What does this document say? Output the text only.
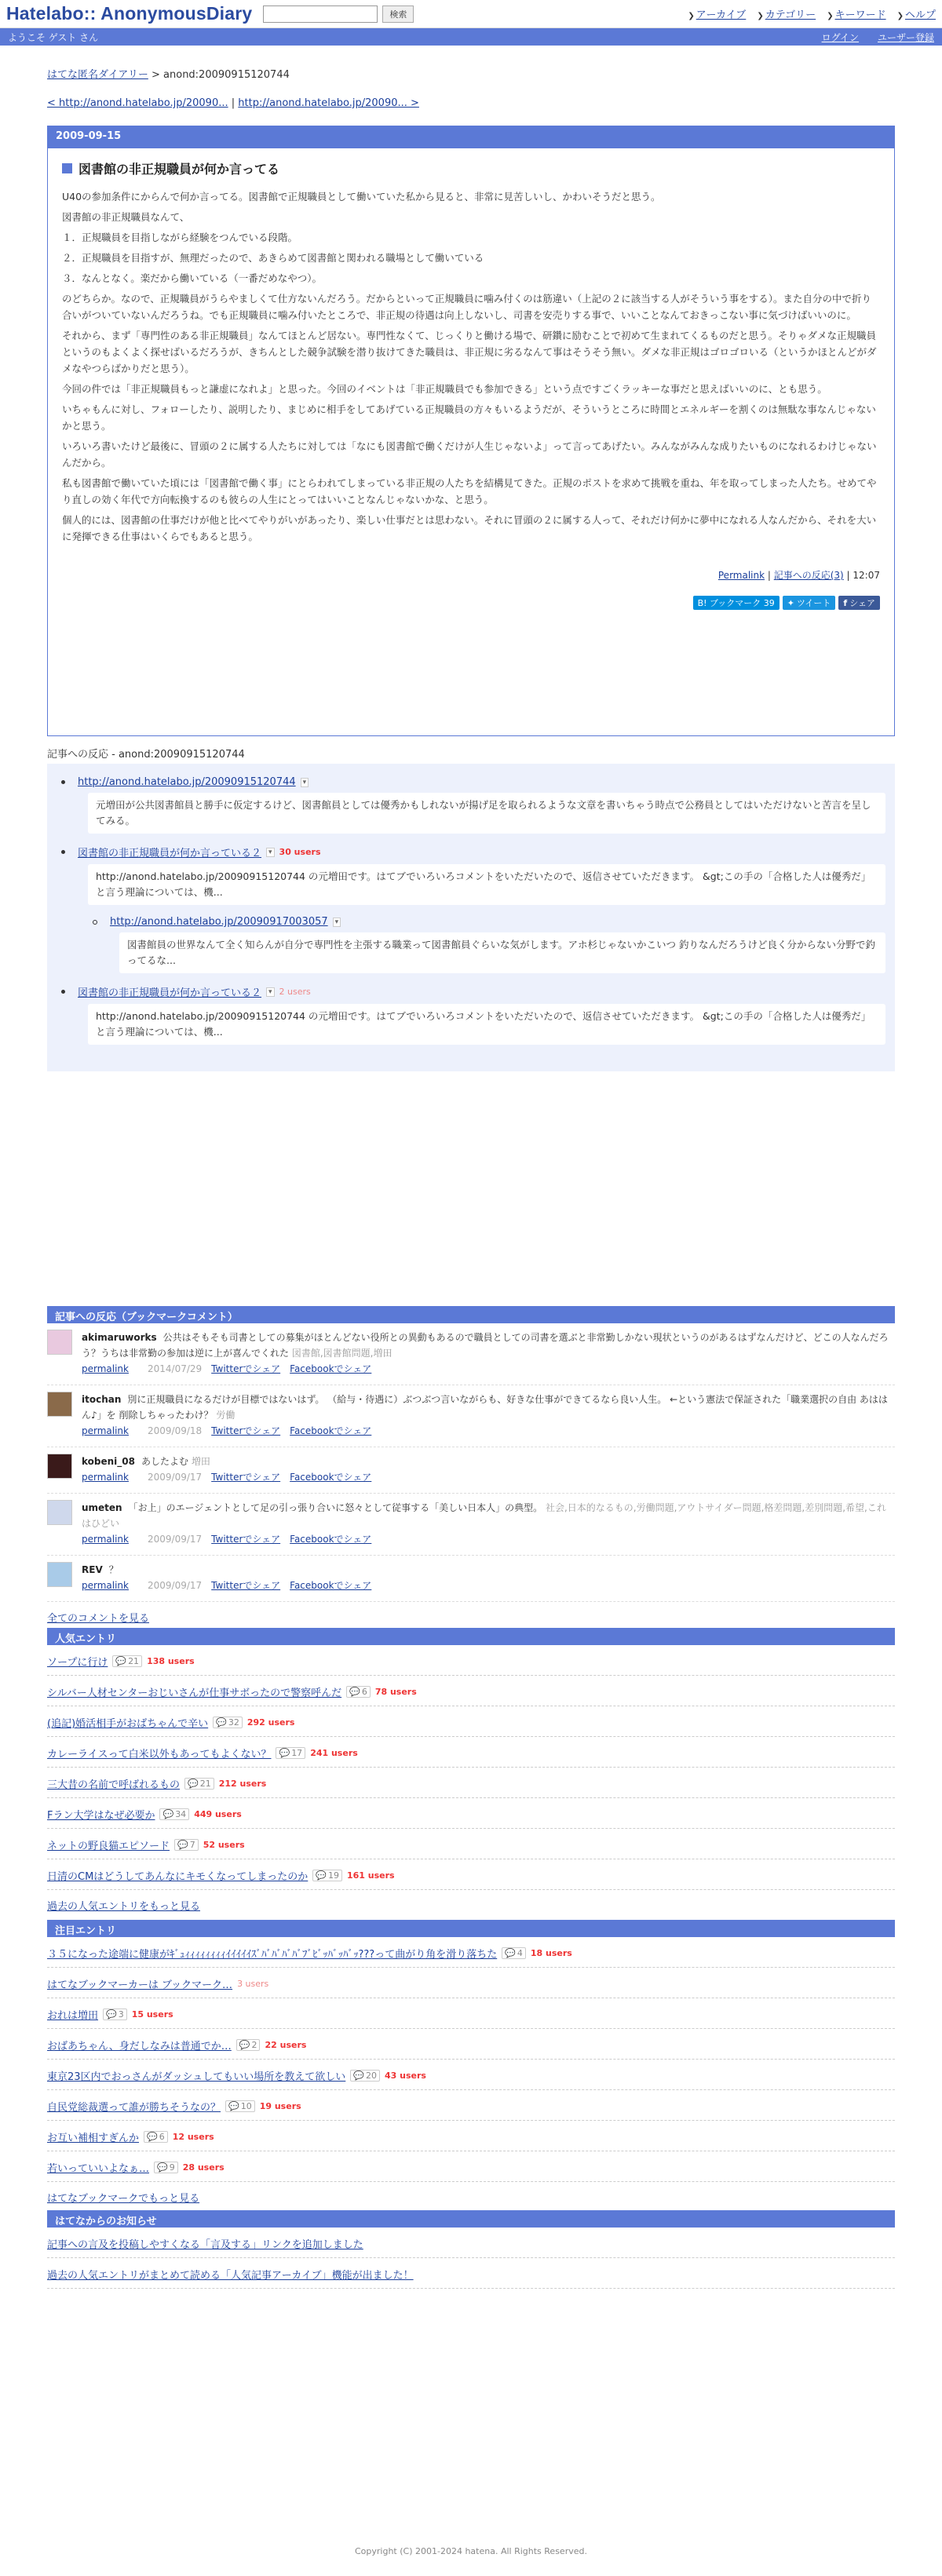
Hatelabo:: AnonymousDiary	検索	❯ アーカイブ ❯ カテゴリー ❯ キーワード ❯ ヘルプ
ようこそ ゲスト さん	ログイン ユーザー登録
はてな匿名ダイアリー > anond:20090915120744
< http://anond.hatelabo.jp/20090... | http://anond.hatelabo.jp/20090... >
2009-09-15
図書館の非正規職員が何か言ってる

U40の参加条件にからんで何か言ってる。図書館で正規職員として働いていた私から見ると、非常に見苦しいし、かわいそうだと思う。

図書館の非正規職員なんて、

１．正規職員を目指しながら経験をつんでいる段階。

２．正規職員を目指すが、無理だったので、あきらめて図書館と関われる職場として働いている

３．なんとなく。楽だから働いている（一番だめなやつ）。

のどちらか。なので、正規職員がうらやましくて仕方ないんだろう。だからといって正規職員に噛み付くのは筋違い（上記の２に該当する人がそういう事をする）。また自分の中で折り合いがついていないんだろうね。でも正規職員に噛み付いたところで、非正規の待遇は向上しないし、司書を安売りする事で、いいことなんておきっこない事に気づけばいいのに。

それから、まず「専門性のある非正規職員」なんてほとんど居ない。専門性なくて、じっくりと働ける場で、研鑽に励むことで初めて生まれてくるものだと思う。そりゃダメな正規職員というのもよくよく探せばいるだろうが、きちんとした競争試験を潜り抜けてきた職員は、非正規に劣るなんて事はそうそう無い。ダメな非正規はゴロゴロいる（というかほとんどがダメなやつらばかりだと思う）。

今回の件では「非正規職員もっと謙虚になれよ」と思った。今回のイベントは「非正規職員でも参加できる」という点ですごくラッキーな事だと思えばいいのに、とも思う。

いちゃもんに対し、フォローしたり、説明したり、まじめに相手をしてあげている正規職員の方々もいるようだが、そういうところに時間とエネルギーを割くのは無駄な事なんじゃないかと思う。

いろいろ書いたけど最後に、冒頭の２に属する人たちに対しては「なにも図書館で働くだけが人生じゃないよ」って言ってあげたい。みんながみんな成りたいものになれるわけじゃないんだから。

私も図書館で働いていた頃には「図書館で働く事」にとらわれてしまっている非正規の人たちを結構見てきた。正規のポストを求めて挑戦を重ね、年を取ってしまった人たち。せめてやり直しの効く年代で方向転換するのも彼らの人生にとってはいいことなんじゃないかな、と思う。

個人的には、図書館の仕事だけが他と比べてやりがいがあったり、楽しい仕事だとは思わない。それに冒頭の２に属する人って、それだけ何かに夢中になれる人なんだから、それを大いに発揮できる仕事はいくらでもあると思う。

Permalink | 記事への反応(3) | 12:07
B! ブックマーク 39	✦ ツイート f シェア
記事への反応 - anond:20090915120744
http://anond.hatelabo.jp/20090915120744	▾
元増田が公共図書館員と勝手に仮定するけど、図書館員としては優秀かもしれないが揚げ足を取られるような文章を書いちゃう時点で公務員としてはいただけないと苦言を呈してみる。
図書館の非正規職員が何か言っている２	▾ 30 users
http://anond.hatelabo.jp/20090915120744 の元増田です。はてブでいろいろコメントをいただいたので、返信させていただきます。 &gt;この手の「合格した人は優秀だ」と言う理論については、機...
http://anond.hatelabo.jp/20090917003057	▾
図書館員の世界なんて全く知らんが自分で専門性を主張する職業って図書館員ぐらいな気がします。アホ杉じゃないかこいつ 釣りなんだろうけど良く分からない分野で釣ってるな...
図書館の非正規職員が何か言っている２	▾ 2 users
http://anond.hatelabo.jp/20090915120744 の元増田です。はてブでいろいろコメントをいただいたので、返信させていただきます。 &gt;この手の「合格した人は優秀だ」と言う理論については、機...
記事への反応（ブックマークコメント）
akimaruworks 公共はそもそも司書としての募集がほとんどない役所との異動もあるので職員としての司書を選ぶと非常勤しかない現状というのがあるはずなんだけど、どこの人なんだろう？うちは非常勤の参加は逆に上が喜んでくれた 図書館,図書館問題,増田
permalink 2014/07/29 Twitterでシェア Facebookでシェア
itochan 別に正規職員になるだけが目標ではないはず。 （給与・待遇に）ぶつぶつ言いながらも、好きな仕事ができてるなら良い人生。 ←という憲法で保証された「職業選択の自由 あははん♪」を 削除しちゃったわけ？ 労働
permalink 2009/09/18 Twitterでシェア Facebookでシェア
kobeni_08 あしたよむ 増田
permalink 2009/09/17 Twitterでシェア Facebookでシェア
umeten 「お上」のエージェントとして足の引っ張り合いに怒々として従事する「美しい日本人」の典型。 社会,日本的なるもの,労働問題,アウトサイダー問題,格差問題,差別問題,希望,これはひどい
permalink 2009/09/17 Twitterでシェア Facebookでシェア
REV ？
permalink 2009/09/17 Twitterでシェア Facebookでシェア
全てのコメントを見る
人気エントリ
ソープに行け 💬 21 138 users
シルバー人材センターおじいさんが仕事サボったので警察呼んだ 💬 6 78 users
(追記)婚活相手がおばちゃんで辛い 💬 32 292 users
カレーライスって白米以外もあってもよくない？ 💬 17 241 users
三大昔の名前で呼ばれるもの 💬 21 212 users
Fラン大学はなぜ必要か 💬 34 449 users
ネットの野良猫エピソード 💬 7 52 users
日清のCMはどうしてあんなにキモくなってしまったのか 💬 19 161 users
過去の人気エントリをもっと見る
注目エントリ
３５になった途端に健康がｷﾞｭｨｨｨｨｨｨｨｨｲｲｲｲｲｽﾞﾊﾞﾊﾞﾊﾞﾊﾞﾌﾞﾋﾞｯﾊﾞｯﾊﾞｯ???って曲がり角を滑り落ちた 💬 4 18 users
はてなブックマーカーは ブックマーク… 3 users
おれは増田 💬 3 15 users
おばあちゃん、身だしなみは普通でか… 💬 2 22 users
東京23区内でおっさんがダッシュしてもいい場所を教えて欲しい 💬 20 43 users
自民党総裁選って誰が勝ちそうなの？ 💬 10 19 users
お互い補相すぎんか 💬 6 12 users
若いっていいよなぁ… 💬 9 28 users
はてなブックマークでもっと見る
はてなからのお知らせ
記事への言及を投稿しやすくなる「言及する」リンクを追加しました
過去の人気エントリがまとめて読める「人気記事アーカイブ」機能が出ました！
Copyright (C) 2001-2024 hatena. All Rights Reserved.
